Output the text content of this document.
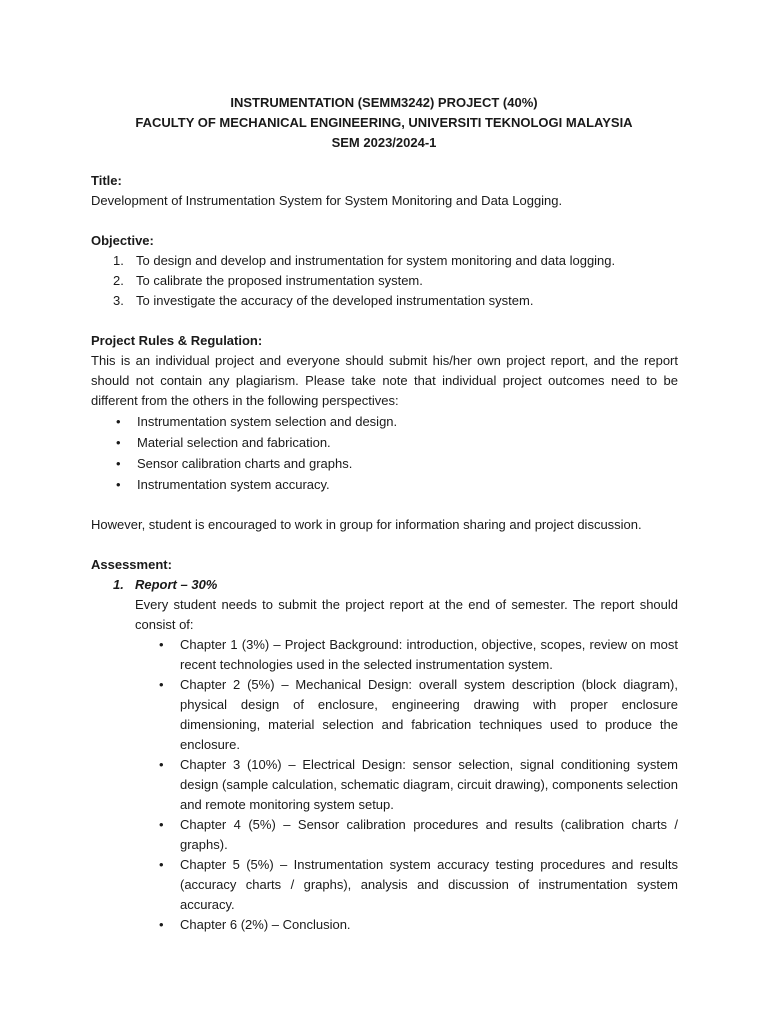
INSTRUMENTATION (SEMM3242) PROJECT (40%)
FACULTY OF MECHANICAL ENGINEERING, UNIVERSITI TEKNOLOGI MALAYSIA
SEM 2023/2024-1
Title:
Development of Instrumentation System for System Monitoring and Data Logging.
Objective:
1. To design and develop and instrumentation for system monitoring and data logging.
2. To calibrate the proposed instrumentation system.
3. To investigate the accuracy of the developed instrumentation system.
Project Rules & Regulation:
This is an individual project and everyone should submit his/her own project report, and the report should not contain any plagiarism. Please take note that individual project outcomes need to be different from the others in the following perspectives:
• Instrumentation system selection and design.
• Material selection and fabrication.
• Sensor calibration charts and graphs.
• Instrumentation system accuracy.
However, student is encouraged to work in group for information sharing and project discussion.
Assessment:
1. Report – 30%
Every student needs to submit the project report at the end of semester. The report should consist of:
• Chapter 1 (3%) – Project Background: introduction, objective, scopes, review on most recent technologies used in the selected instrumentation system.
• Chapter 2 (5%) – Mechanical Design: overall system description (block diagram), physical design of enclosure, engineering drawing with proper enclosure dimensioning, material selection and fabrication techniques used to produce the enclosure.
• Chapter 3 (10%) – Electrical Design: sensor selection, signal conditioning system design (sample calculation, schematic diagram, circuit drawing), components selection and remote monitoring system setup.
• Chapter 4 (5%) – Sensor calibration procedures and results (calibration charts / graphs).
• Chapter 5 (5%) – Instrumentation system accuracy testing procedures and results (accuracy charts / graphs), analysis and discussion of instrumentation system accuracy.
• Chapter 6 (2%) – Conclusion.
